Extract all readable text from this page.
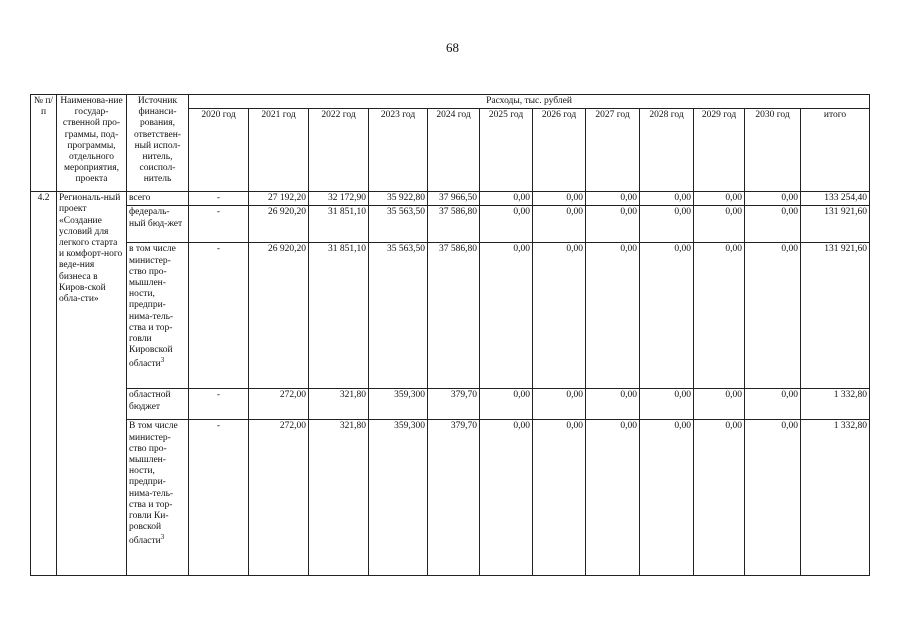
68
№ п/п	Наименова-ние государ-ственной про-граммы, под-программы, отдельного мероприятия, проекта	Источник финанси-рования, ответствен-ный испол-нитель, соиспол-нитель	Расходы, тыс. рублей											
			2020 год	2021 год	2022 год	2023 год	2024 год	2025 год	2026 год	2027 год	2028 год	2029 год	2030 год	итого
4.2	Региональ-ный проект «Создание условий для легкого старта и комфорт-ного веде-ния бизнеса в Киров-ской обла-сти»	всего	-	27 192,20	32 172,90	35 922,80	37 966,50	0,00	0,00	0,00	0,00	0,00	0,00	133 254,40
		федераль-ный бюд-жет	-	26 920,20	31 851,10	35 563,50	37 586,80	0,00	0,00	0,00	0,00	0,00	0,00	131 921,60
		в том числе министер-ство про-мышлен-ности, предпри-нима-тель-ства и тор-говли Кировской области$^3$	-	26 920,20	31 851,10	35 563,50	37 586,80	0,00	0,00	0,00	0,00	0,00	0,00	131 921,60
		областной бюджет	-	272,00	321,80	359,300	379,70	0,00	0,00	0,00	0,00	0,00	0,00	1 332,80
		В том числе министер-ство про-мышлен-ности, предпри-нима-тель-ства и тор-говли Ки-ровской области$^3$	-	272,00	321,80	359,300	379,70	0,00	0,00	0,00	0,00	0,00	0,00	1 332,80
